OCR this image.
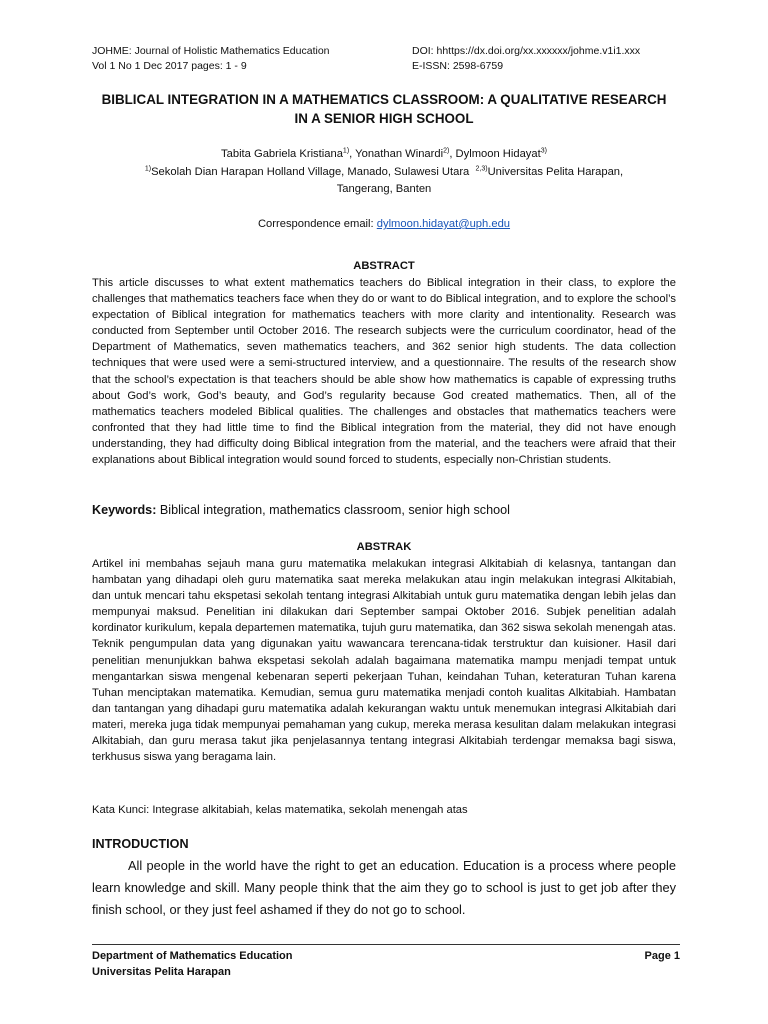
JOHME: Journal of Holistic Mathematics Education
Vol 1 No 1 Dec 2017 pages: 1 - 9
DOI: hhttps://dx.doi.org/xx.xxxxxx/johme.v1i1.xxx
E-ISSN: 2598-6759
BIBLICAL INTEGRATION IN A MATHEMATICS CLASSROOM: A QUALITATIVE RESEARCH IN A SENIOR HIGH SCHOOL
Tabita Gabriela Kristiana$^{1)}$, Yonathan Winardi$^{2)}$, Dylmoon Hidayat$^{3)}$
$^{1)}$Sekolah Dian Harapan Holland Village, Manado, Sulawesi Utara $^{2,3)}$Universitas Pelita Harapan,
Tangerang, Banten
Correspondence email: dylmoon.hidayat@uph.edu
ABSTRACT
This article discusses to what extent mathematics teachers do Biblical integration in their class, to explore the challenges that mathematics teachers face when they do or want to do Biblical integration, and to explore the school’s expectation of Biblical integration for mathematics teachers with more clarity and intentionality. Research was conducted from September until October 2016. The research subjects were the curriculum coordinator, head of the Department of Mathematics, seven mathematics teachers, and 362 senior high students. The data collection techniques that were used were a semi-structured interview, and a questionnaire. The results of the research show that the school’s expectation is that teachers should be able show how mathematics is capable of expressing truths about God’s work, God’s beauty, and God’s regularity because God created mathematics. Then, all of the mathematics teachers modeled Biblical qualities. The challenges and obstacles that mathematics teachers were confronted that they had little time to find the Biblical integration from the material, they did not have enough understanding, they had difficulty doing Biblical integration from the material, and the teachers were afraid that their explanations about Biblical integration would sound forced to students, especially non-Christian students.
Keywords: Biblical integration, mathematics classroom, senior high school
ABSTRAK
Artikel ini membahas sejauh mana guru matematika melakukan integrasi Alkitabiah di kelasnya, tantangan dan hambatan yang dihadapi oleh guru matematika saat mereka melakukan atau ingin melakukan integrasi Alkitabiah, dan untuk mencari tahu ekspetasi sekolah tentang integrasi Alkitabiah untuk guru matematika dengan lebih jelas dan mempunyai maksud. Penelitian ini dilakukan dari September sampai Oktober 2016. Subjek penelitian adalah kordinator kurikulum, kepala departemen matematika, tujuh guru matematika, dan 362 siswa sekolah menengah atas. Teknik pengumpulan data yang digunakan yaitu wawancara terencana-tidak terstruktur dan kuisioner. Hasil dari penelitian menunjukkan bahwa ekspetasi sekolah adalah bagaimana matematika mampu menjadi tempat untuk mengantarkan siswa mengenal kebenaran seperti pekerjaan Tuhan, keindahan Tuhan, keteraturan Tuhan karena Tuhan menciptakan matematika. Kemudian, semua guru matematika menjadi contoh kualitas Alkitabiah. Hambatan dan tantangan yang dihadapi guru matematika adalah kekurangan waktu untuk menemukan integrasi Alkitabiah dari materi, mereka juga tidak mempunyai pemahaman yang cukup, mereka merasa kesulitan dalam melakukan integrasi Alkitabiah, dan guru merasa takut jika penjelasannya tentang integrasi Alkitabiah terdengar memaksa bagi siswa, terkhusus siswa yang beragama lain.
Kata Kunci: Integrase alkitabiah, kelas matematika, sekolah menengah atas
INTRODUCTION
All people in the world have the right to get an education. Education is a process where people learn knowledge and skill. Many people think that the aim they go to school is just to get job after they finish school, or they just feel ashamed if they do not go to school.
Department of Mathematics Education
Universitas Pelita Harapan
Page 1
